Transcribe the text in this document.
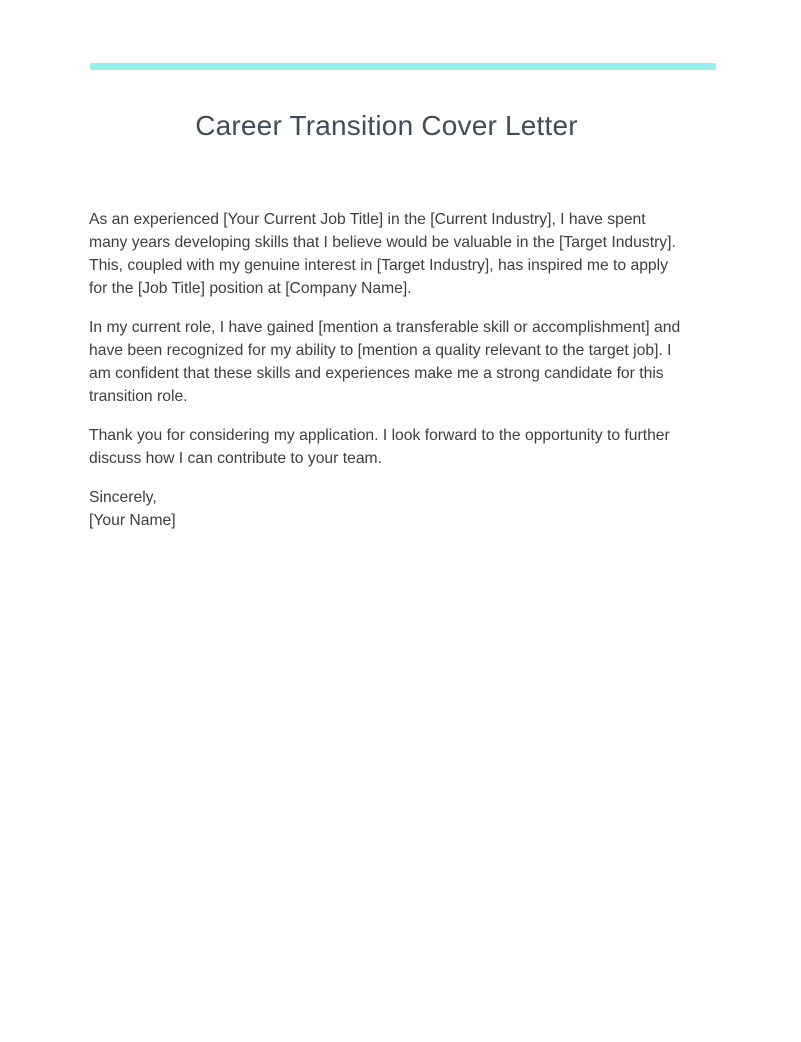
Career Transition Cover Letter

As an experienced [Your Current Job Title] in the [Current Industry], I have spent many years developing skills that I believe would be valuable in the [Target Industry]. This, coupled with my genuine interest in [Target Industry], has inspired me to apply for the [Job Title] position at [Company Name].

In my current role, I have gained [mention a transferable skill or accomplishment] and have been recognized for my ability to [mention a quality relevant to the target job]. I am confident that these skills and experiences make me a strong candidate for this transition role.

Thank you for considering my application. I look forward to the opportunity to further discuss how I can contribute to your team.

Sincerely,
[Your Name]
